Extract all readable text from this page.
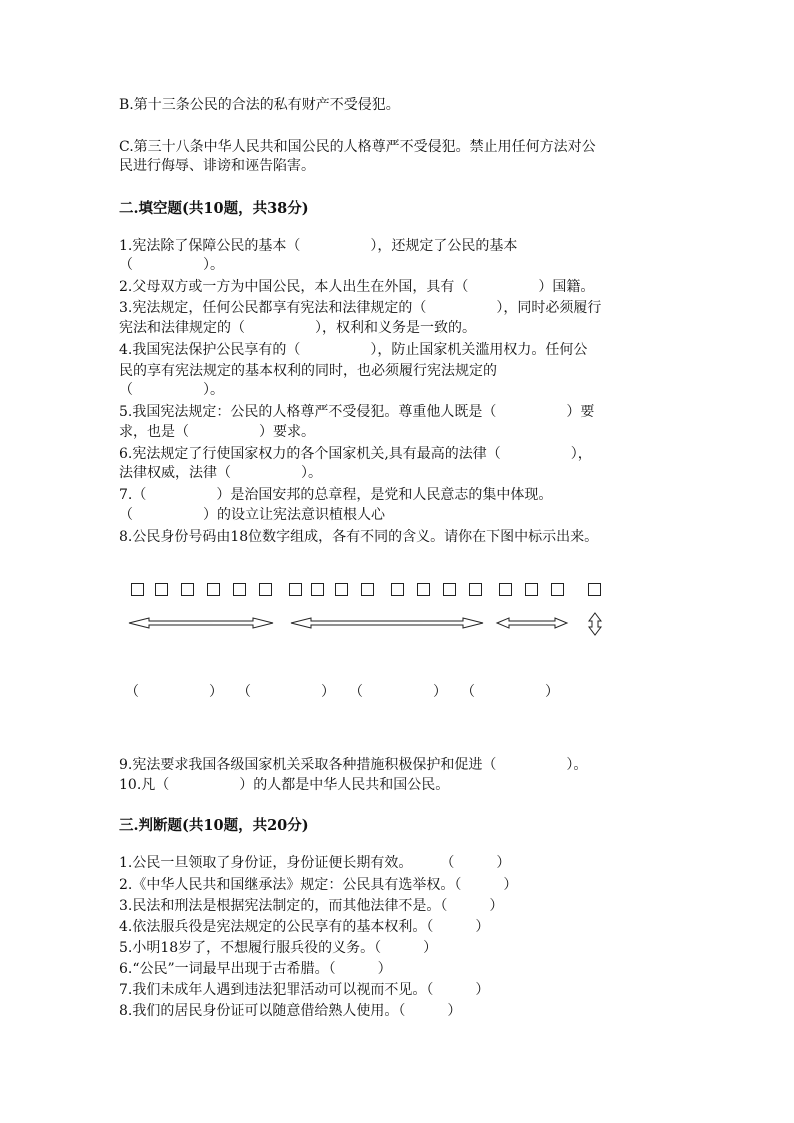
B.第十三条公民的合法的私有财产不受侵犯。
C.第三十八条中华人民共和国公民的人格尊严不受侵犯。禁止用任何方法对公
民进行侮辱、诽谤和诬告陷害。
二.填空题(共10题，共38分)
1.宪法除了保障公民的基本（　　　　　），还规定了公民的基本
（　　　　　）。
2.父母双方或一方为中国公民，本人出生在外国，具有（　　　　　）国籍。
3.宪法规定，任何公民都享有宪法和法律规定的（　　　　　），同时必须履行
宪法和法律规定的（　　　　　），权利和义务是一致的。
4.我国宪法保护公民享有的（　　　　　），防止国家机关滥用权力。任何公
民的享有宪法规定的基本权利的同时，也必须履行宪法规定的
（　　　　　）。
5.我国宪法规定：公民的人格尊严不受侵犯。尊重他人既是（　　　　　）要
求，也是（　　　　　）要求。
6.宪法规定了行使国家权力的各个国家机关,具有最高的法律（　　　　　），
法律权威，法律（　　　　　）。
7.（　　　　　）是治国安邦的总章程，是党和人民意志的集中体现。
（　　　　　）的设立让宪法意识植根人心
8.公民身份号码由18位数字组成，各有不同的含义。请你在下图中标示出来。
（　　　　　） （　　　　　） （　　　　　） （　　　　　）
9.宪法要求我国各级国家机关采取各种措施积极保护和促进（　　　　　）。
10.凡（　　　　　）的人都是中华人民共和国公民。
三.判断题(共10题，共20分)
1.公民一旦领取了身份证，身份证便长期有效。　　　（　　　）
2.《中华人民共和国继承法》规定：公民具有选举权。（　　　）
3.民法和刑法是根据宪法制定的，而其他法律不是。（　　　）
4.依法服兵役是宪法规定的公民享有的基本权利。（　　　）
5.小明18岁了，不想履行服兵役的义务。（　　　）
6.“公民”一词最早出现于古希腊。（　　　）
7.我们未成年人遇到违法犯罪活动可以视而不见。（　　　）
8.我们的居民身份证可以随意借给熟人使用。（　　　）
